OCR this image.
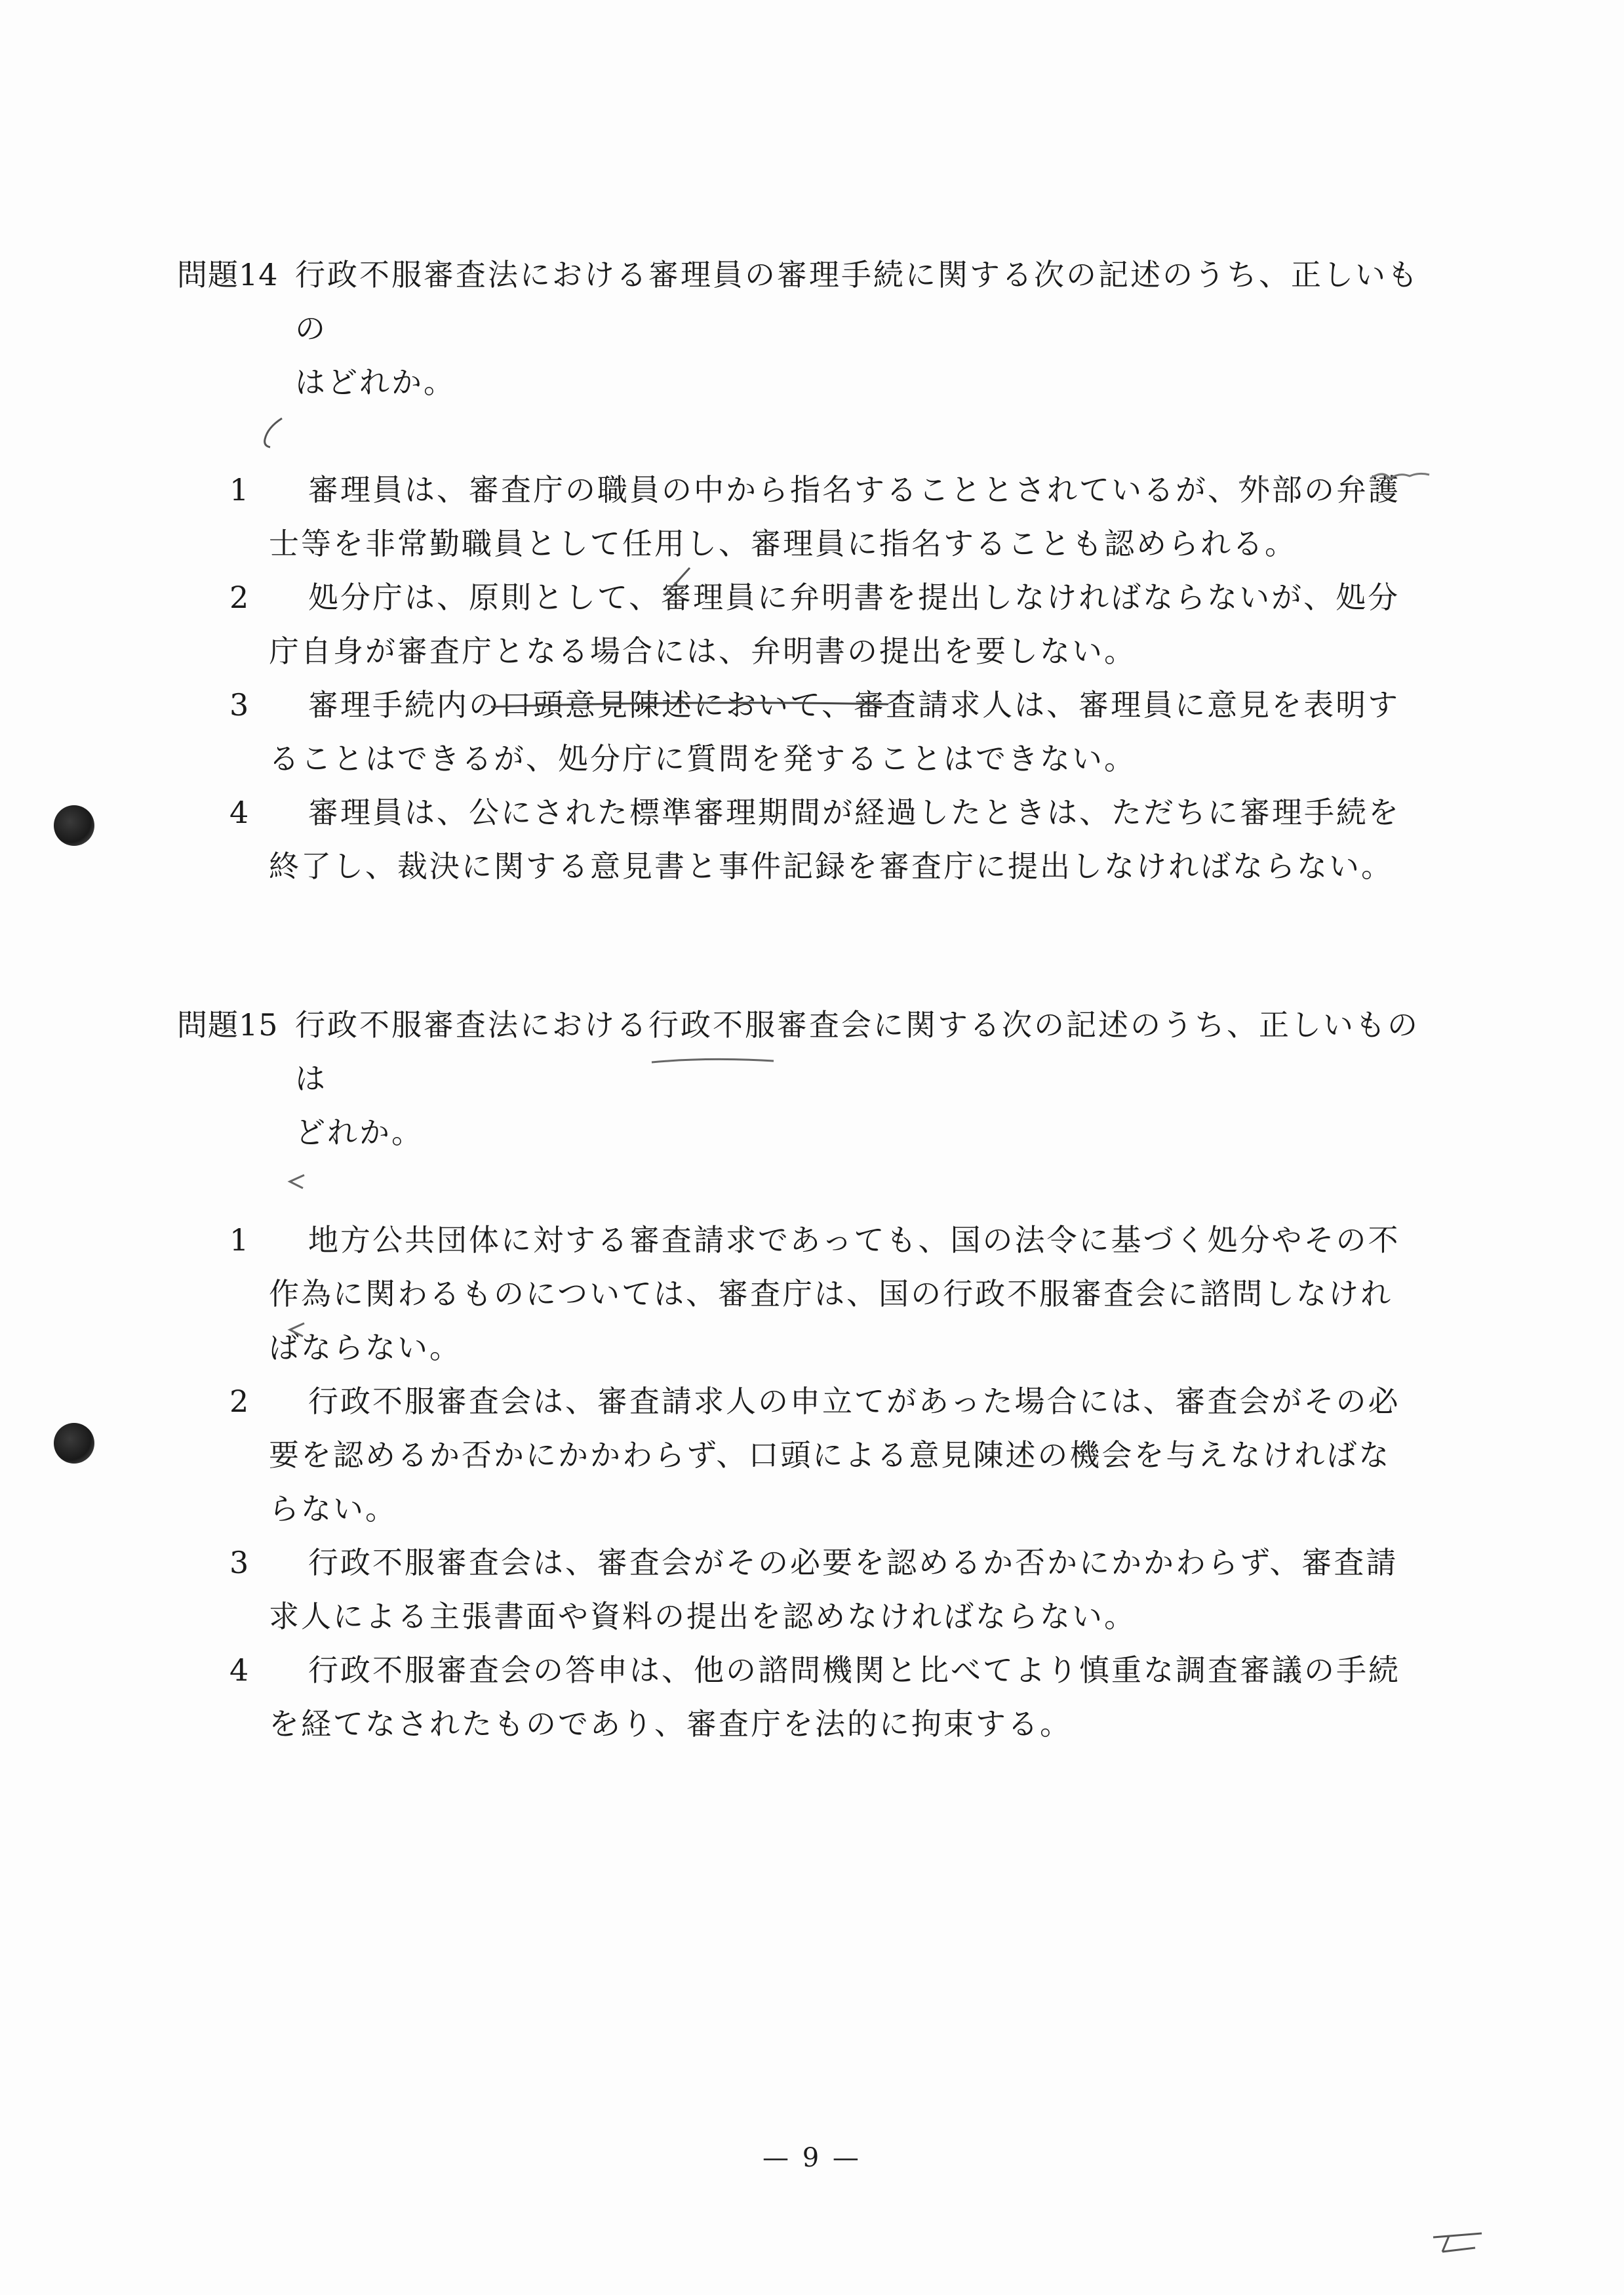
問題14 行政不服審査法における審理員の審理手続に関する次の記述のうち、正しいもの
はどれか。

1	審理員は、審査庁の職員の中から指名することとされているが、外部の弁護士等を非常勤職員として任用し、審理員に指名することも認められる。

2	処分庁は、原則として、審理員に弁明書を提出しなければならないが、処分庁自身が審査庁となる場合には、弁明書の提出を要しない。

3	審理手続内の口頭意見陳述において、審査請求人は、審理員に意見を表明することはできるが、処分庁に質問を発することはできない。

4	審理員は、公にされた標準審理期間が経過したときは、ただちに審理手続を終了し、裁決に関する意見書と事件記録を審査庁に提出しなければならない。

問題15 行政不服審査法における行政不服審査会に関する次の記述のうち、正しいものは
どれか。

1	地方公共団体に対する審査請求であっても、国の法令に基づく処分やその不作為に関わるものについては、審査庁は、国の行政不服審査会に諮問しなければならない。

2	行政不服審査会は、審査請求人の申立てがあった場合には、審査会がその必要を認めるか否かにかかわらず、口頭による意見陳述の機会を与えなければならない。

3	行政不服審査会は、審査会がその必要を認めるか否かにかかわらず、審査請求人による主張書面や資料の提出を認めなければならない。

4	行政不服審査会の答申は、他の諮問機関と比べてより慎重な調査審議の手続を経てなされたものであり、審査庁を法的に拘束する。

— 9 —
